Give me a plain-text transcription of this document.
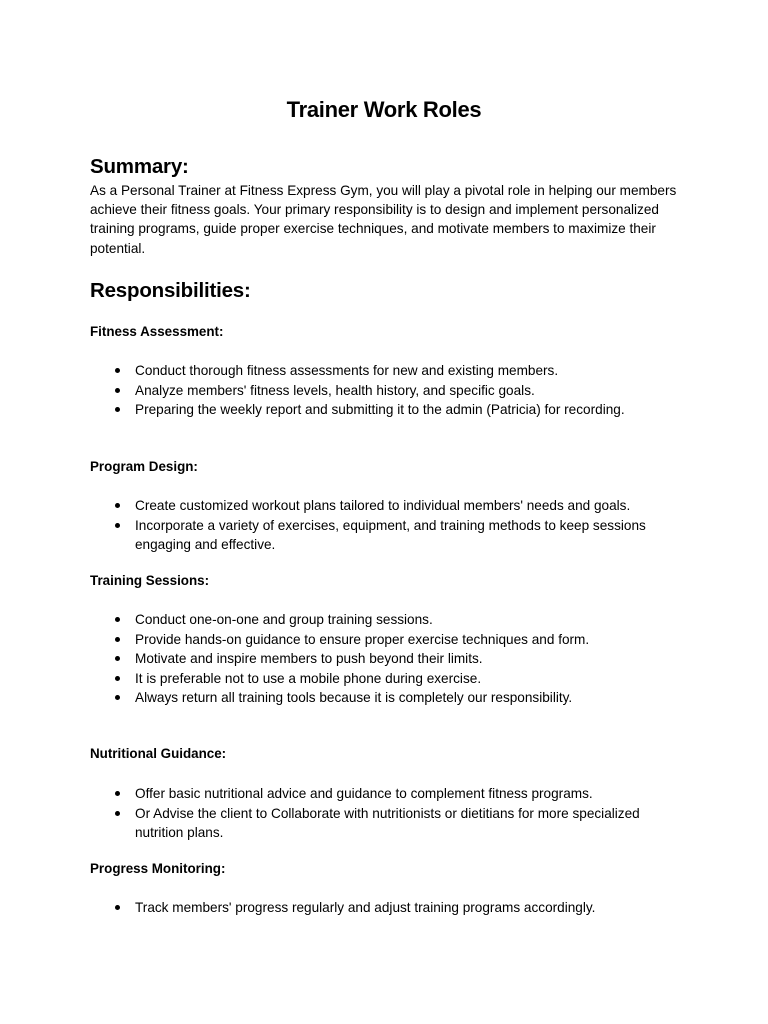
Trainer Work Roles
Summary:
As a Personal Trainer at Fitness Express Gym, you will play a pivotal role in helping our members achieve their fitness goals. Your primary responsibility is to design and implement personalized training programs, guide proper exercise techniques, and motivate members to maximize their potential.
Responsibilities:
Fitness Assessment:
Conduct thorough fitness assessments for new and existing members.
Analyze members' fitness levels, health history, and specific goals.
Preparing the weekly report and submitting it to the admin (Patricia) for recording.
Program Design:
Create customized workout plans tailored to individual members' needs and goals.
Incorporate a variety of exercises, equipment, and training methods to keep sessions engaging and effective.
Training Sessions:
Conduct one-on-one and group training sessions.
Provide hands-on guidance to ensure proper exercise techniques and form.
Motivate and inspire members to push beyond their limits.
It is preferable not to use a mobile phone during exercise.
Always return all training tools because it is completely our responsibility.
Nutritional Guidance:
Offer basic nutritional advice and guidance to complement fitness programs.
Or Advise the client to Collaborate with nutritionists or dietitians for more specialized nutrition plans.
Progress Monitoring:
Track members' progress regularly and adjust training programs accordingly.
